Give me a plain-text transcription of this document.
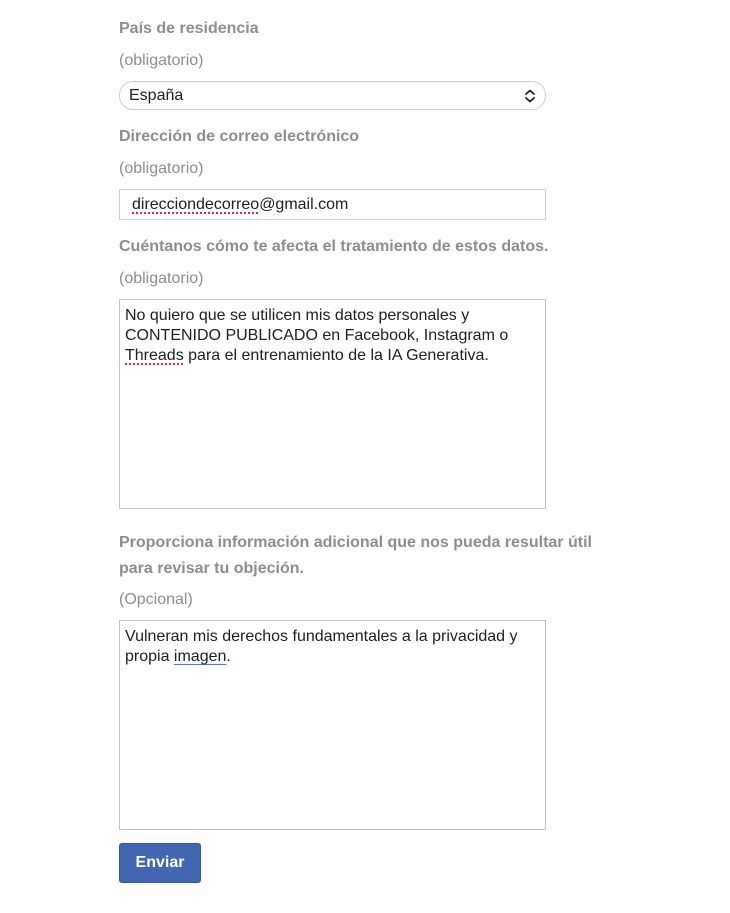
País de residencia
(obligatorio)
España
Dirección de correo electrónico
(obligatorio)
direcciondecorreo@gmail.com
Cuéntanos cómo te afecta el tratamiento de estos datos.
(obligatorio)
No quiero que se utilicen mis datos personales y
CONTENIDO PUBLICADO en Facebook, Instagram o
Threads para el entrenamiento de la IA Generativa.
Proporciona información adicional que nos pueda resultar útil para revisar tu objeción.
(Opcional)
Vulneran mis derechos fundamentales a la privacidad y
propia imagen.
Enviar
